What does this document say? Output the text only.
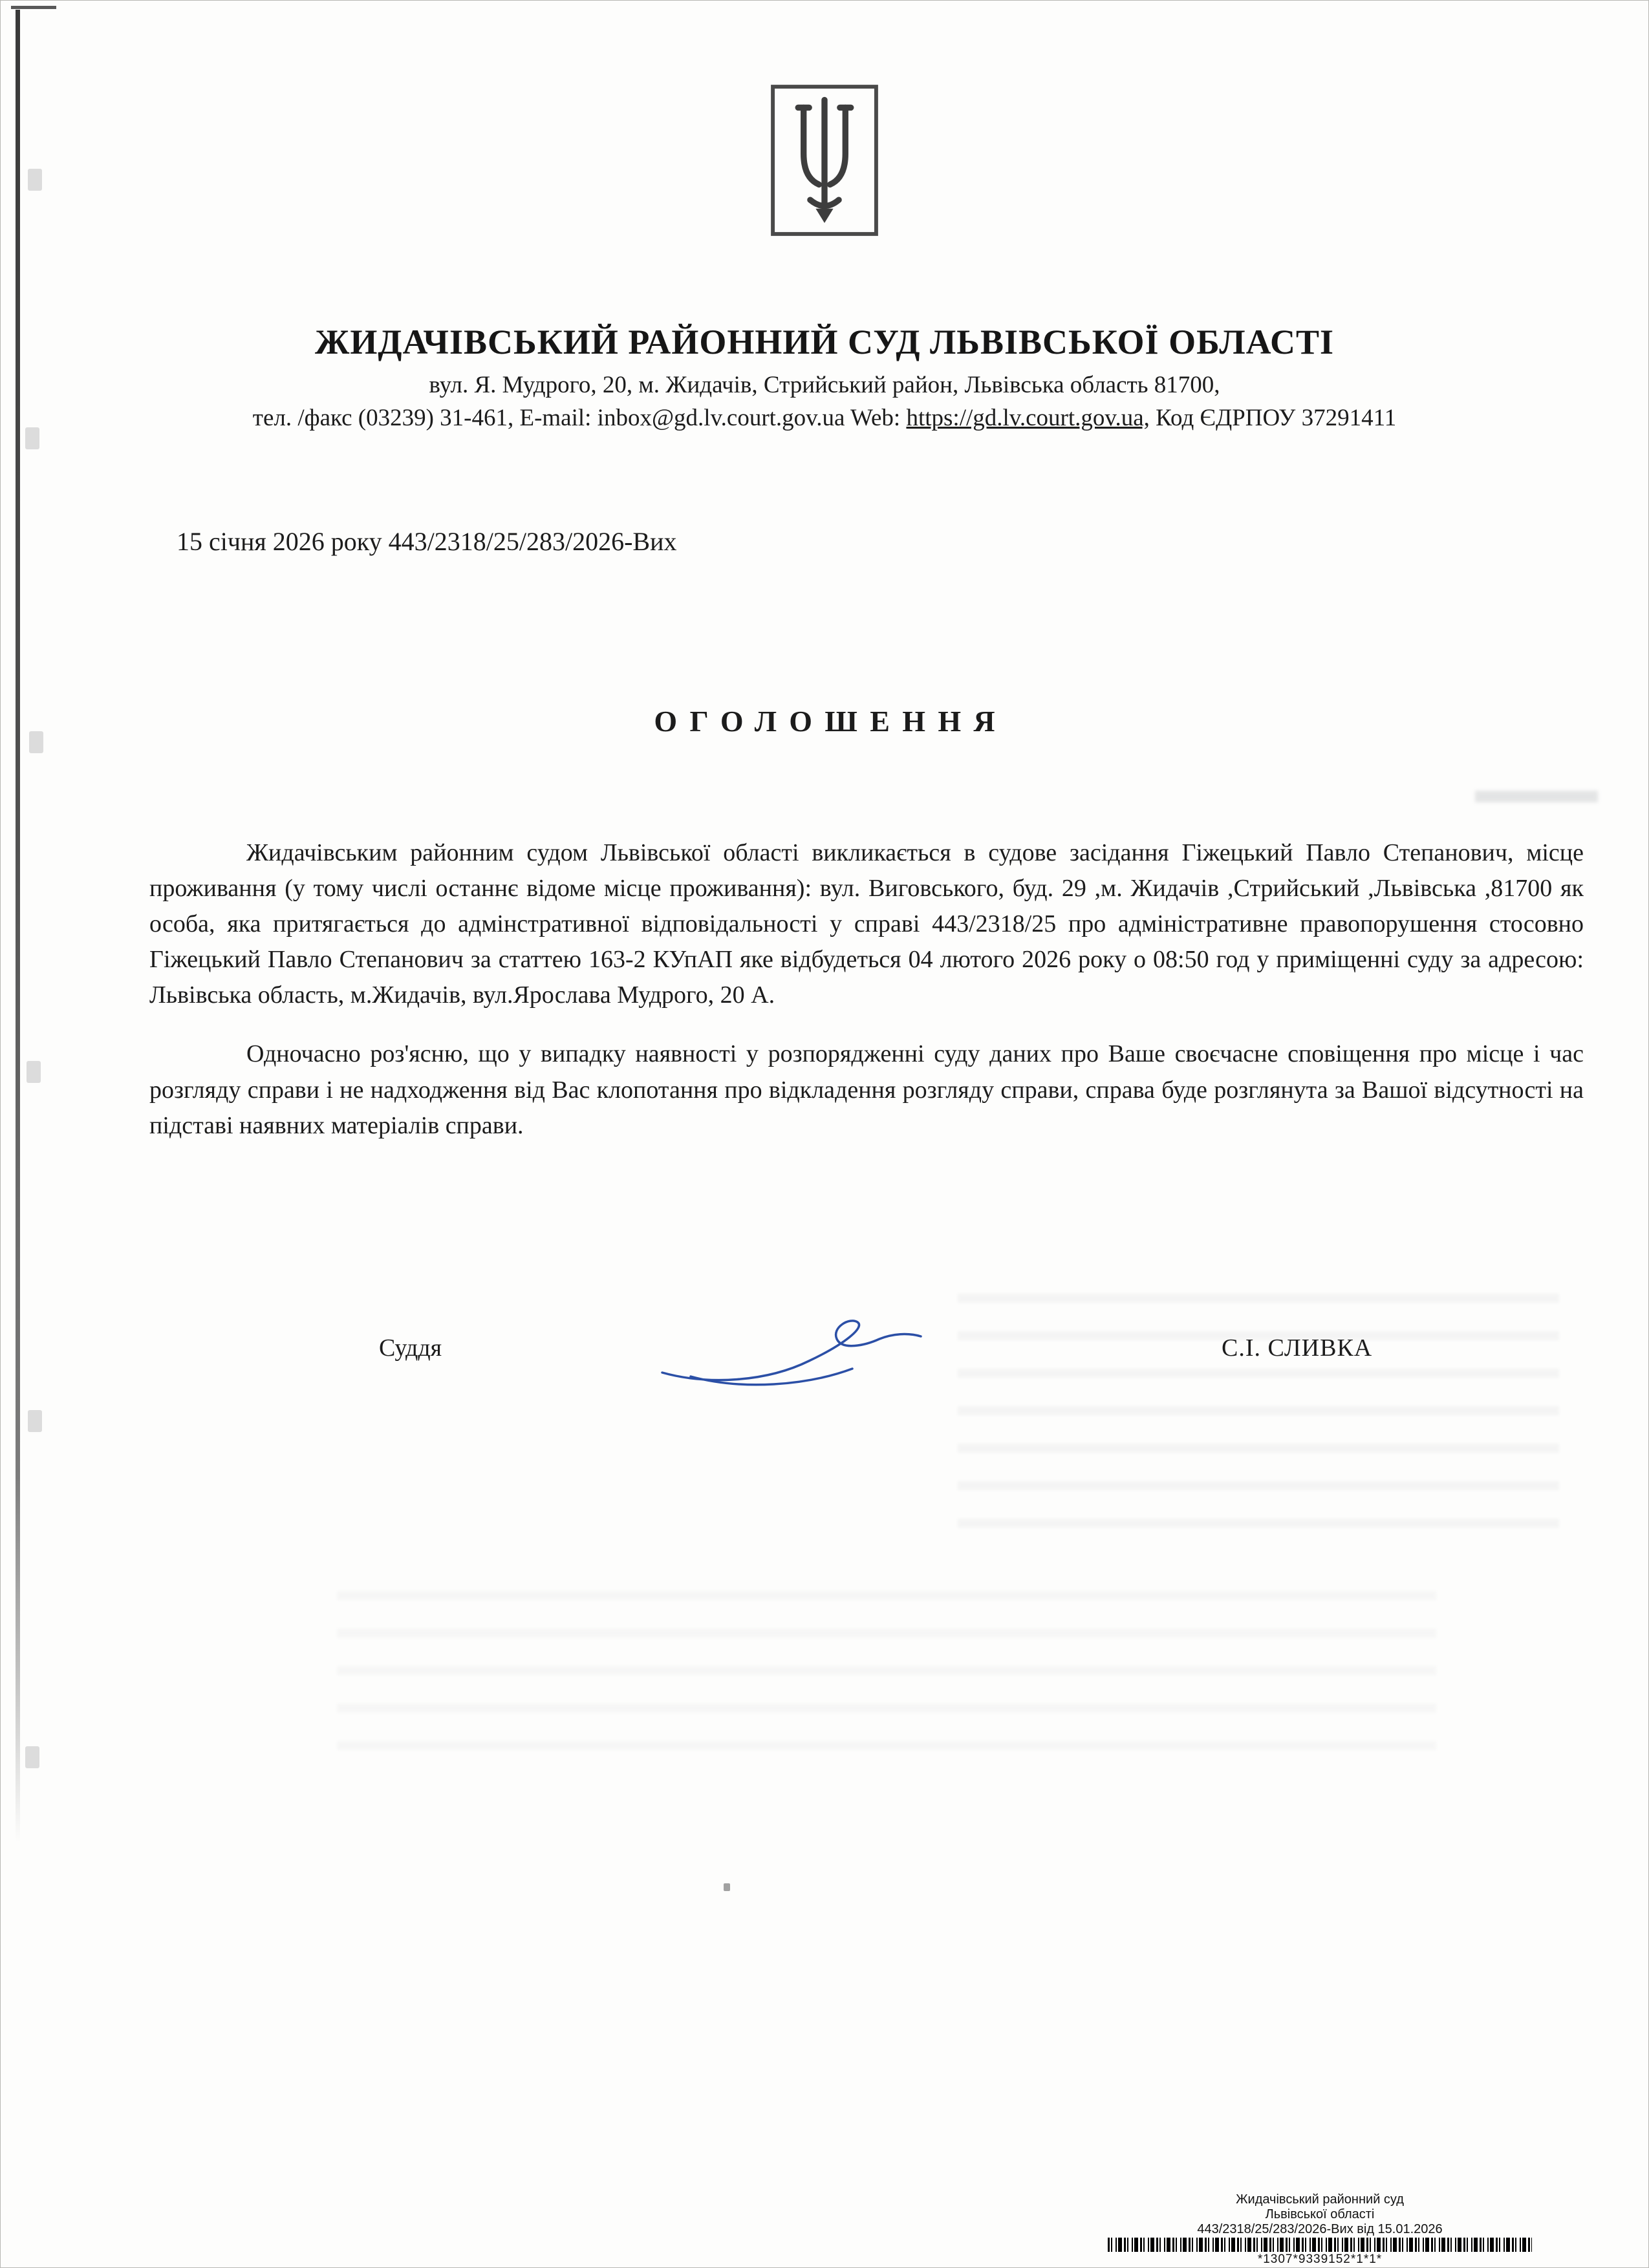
ЖИДАЧІВСЬКИЙ РАЙОННИЙ СУД ЛЬВІВСЬКОЇ ОБЛАСТІ
вул. Я. Мудрого, 20, м. Жидачів, Стрийський район, Львівська область 81700,
тел. /факс (03239) 31-461, E-mail: inbox@gd.lv.court.gov.ua Web: https://gd.lv.court.gov.ua, Код ЄДРПОУ 37291411
15 січня 2026 року 443/2318/25/283/2026-Вих
ОГОЛОШЕННЯ

Жидачівським районним судом Львівської області викликається в судове засідання Гіжецький Павло Степанович, місце проживання (у тому числі останнє відоме місце проживання): вул. Виговського, буд. 29 ,м. Жидачів ,Стрийський ,Львівська ,81700 як особа, яка притягається до адмінстративної відповідальності у справі 443/2318/25 про адміністративне правопорушення стосовно Гіжецький Павло Степанович за статтею 163-2 КУпАП яке відбудеться 04 лютого 2026 року о 08:50 год у приміщенні суду за адресою: Львівська область, м.Жидачів, вул.Ярослава Мудрого, 20 А.

Одночасно роз'ясню, що у випадку наявності у розпорядженні суду даних про Ваше своєчасне сповіщення про місце і час розгляду справи і не надходження від Вас клопотання про відкладення розгляду справи, справа буде розглянута за Вашої відсутності на підставі наявних матеріалів справи.

Суддя	С.І. СЛИВКА
Жидачівський районний суд
Львівської області
443/2318/25/283/2026-Вих від 15.01.2026
*1307*9339152*1*1*
